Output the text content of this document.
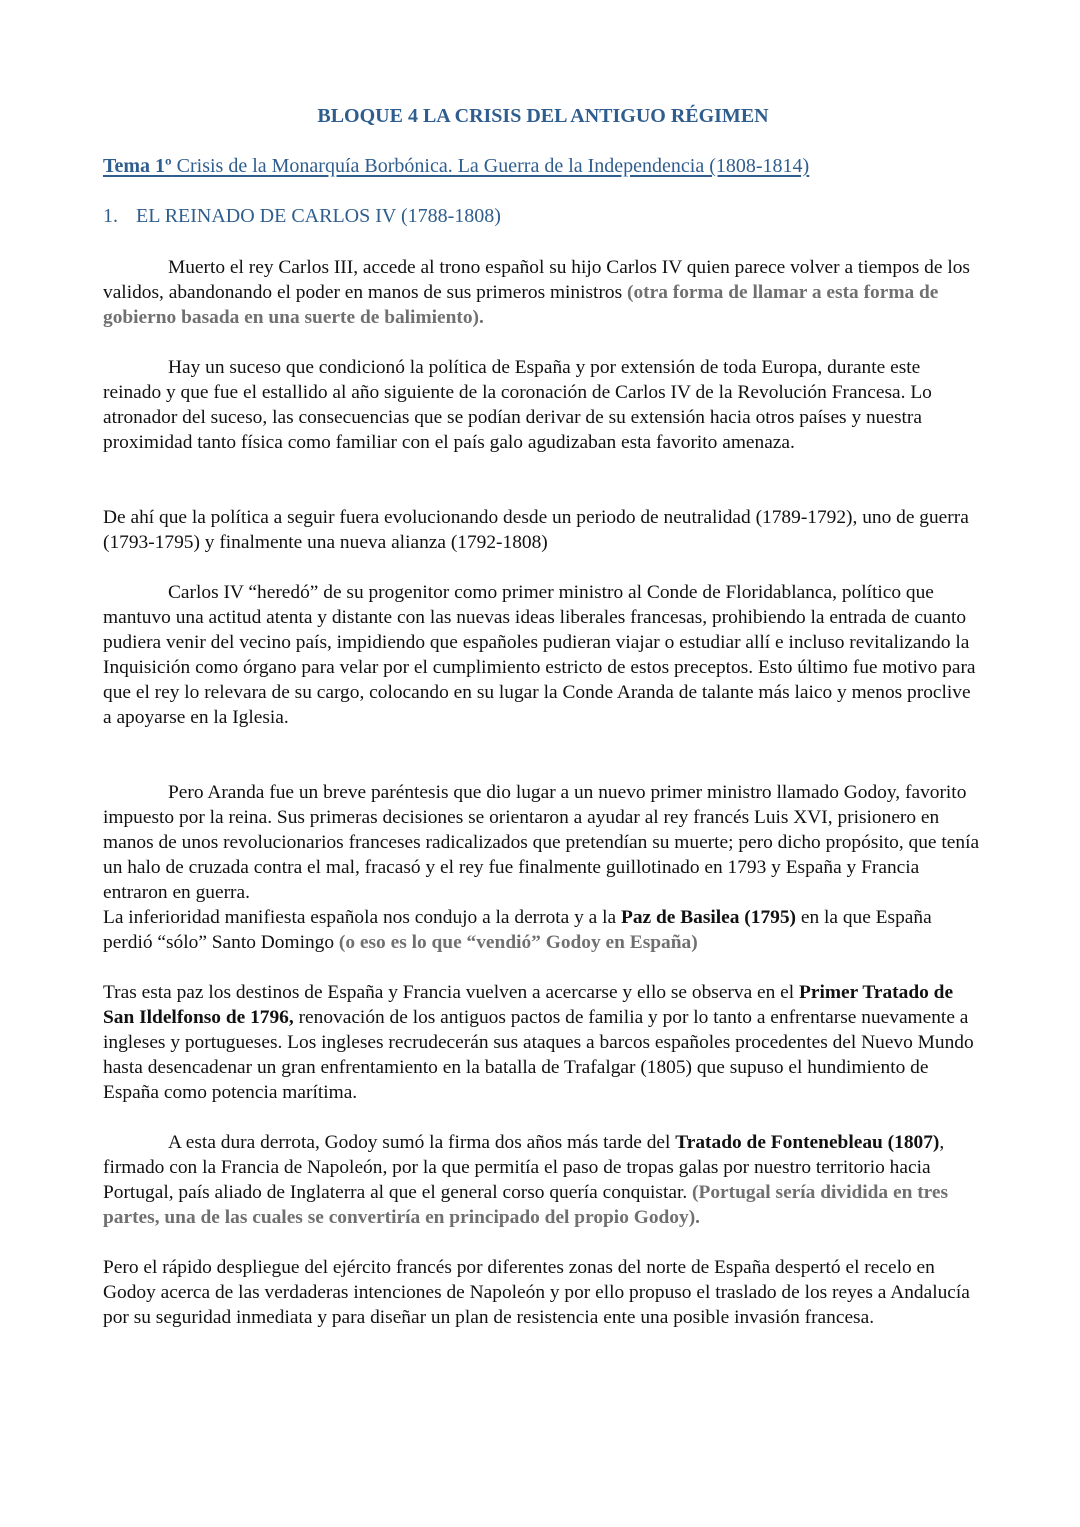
BLOQUE 4 LA CRISIS DEL ANTIGUO RÉGIMEN
Tema 1º Crisis de la Monarquía Borbónica. La Guerra de la Independencia (1808-1814)
1. EL REINADO DE CARLOS IV (1788-1808)

Muerto el rey Carlos III, accede al trono español su hijo Carlos IV quien parece volver a tiempos de los validos, abandonando el poder en manos de sus primeros ministros (otra forma de llamar a esta forma de gobierno basada en una suerte de balimiento).

Hay un suceso que condicionó la política de España y por extensión de toda Europa, durante este reinado y que fue el estallido al año siguiente de la coronación de Carlos IV de la Revolución Francesa. Lo atronador del suceso, las consecuencias que se podían derivar de su extensión hacia otros países y nuestra proximidad tanto física como familiar con el país galo agudizaban esta favorito amenaza.

De ahí que la política a seguir fuera evolucionando desde un periodo de neutralidad (1789-1792), uno de guerra (1793-1795) y finalmente una nueva alianza (1792-1808)

Carlos IV “heredó” de su progenitor como primer ministro al Conde de Floridablanca, político que mantuvo una actitud atenta y distante con las nuevas ideas liberales francesas, prohibiendo la entrada de cuanto pudiera venir del vecino país, impidiendo que españoles pudieran viajar o estudiar allí e incluso revitalizando la Inquisición como órgano para velar por el cumplimiento estricto de estos preceptos. Esto último fue motivo para que el rey lo relevara de su cargo, colocando en su lugar la Conde Aranda de talante más laico y menos proclive a apoyarse en la Iglesia.

Pero Aranda fue un breve paréntesis que dio lugar a un nuevo primer ministro llamado Godoy, favorito impuesto por la reina. Sus primeras decisiones se orientaron a ayudar al rey francés Luis XVI, prisionero en manos de unos revolucionarios franceses radicalizados que pretendían su muerte; pero dicho propósito, que tenía un halo de cruzada contra el mal, fracasó y el rey fue finalmente guillotinado en 1793 y España y Francia entraron en guerra.

La inferioridad manifiesta española nos condujo a la derrota y a la Paz de Basilea (1795) en la que España perdió “sólo” Santo Domingo (o eso es lo que “vendió” Godoy en España)

Tras esta paz los destinos de España y Francia vuelven a acercarse y ello se observa en el Primer Tratado de San Ildelfonso de 1796, renovación de los antiguos pactos de familia y por lo tanto a enfrentarse nuevamente a ingleses y portugueses. Los ingleses recrudecerán sus ataques a barcos españoles procedentes del Nuevo Mundo hasta desencadenar un gran enfrentamiento en la batalla de Trafalgar (1805) que supuso el hundimiento de España como potencia marítima.

A esta dura derrota, Godoy sumó la firma dos años más tarde del Tratado de Fontenebleau (1807), firmado con la Francia de Napoleón, por la que permitía el paso de tropas galas por nuestro territorio hacia Portugal, país aliado de Inglaterra al que el general corso quería conquistar. (Portugal sería dividida en tres partes, una de las cuales se convertiría en principado del propio Godoy).

Pero el rápido despliegue del ejército francés por diferentes zonas del norte de España despertó el recelo en Godoy acerca de las verdaderas intenciones de Napoleón y por ello propuso el traslado de los reyes a Andalucía por su seguridad inmediata y para diseñar un plan de resistencia ente una posible invasión francesa.
